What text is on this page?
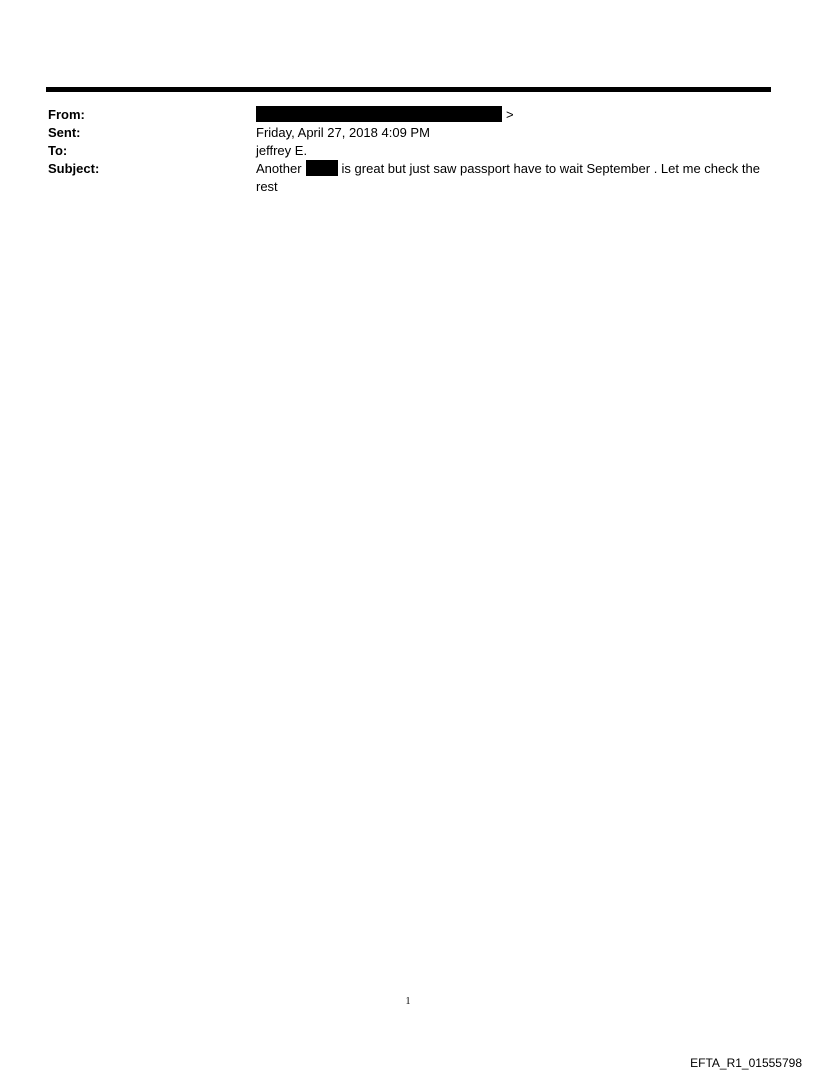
From:	>
Sent:	Friday, April 27, 2018 4:09 PM
To:	jeffrey E.
Subject:	Another	is great but just saw passport have to wait September . Let me check the rest
1
EFTA_R1_01555798
